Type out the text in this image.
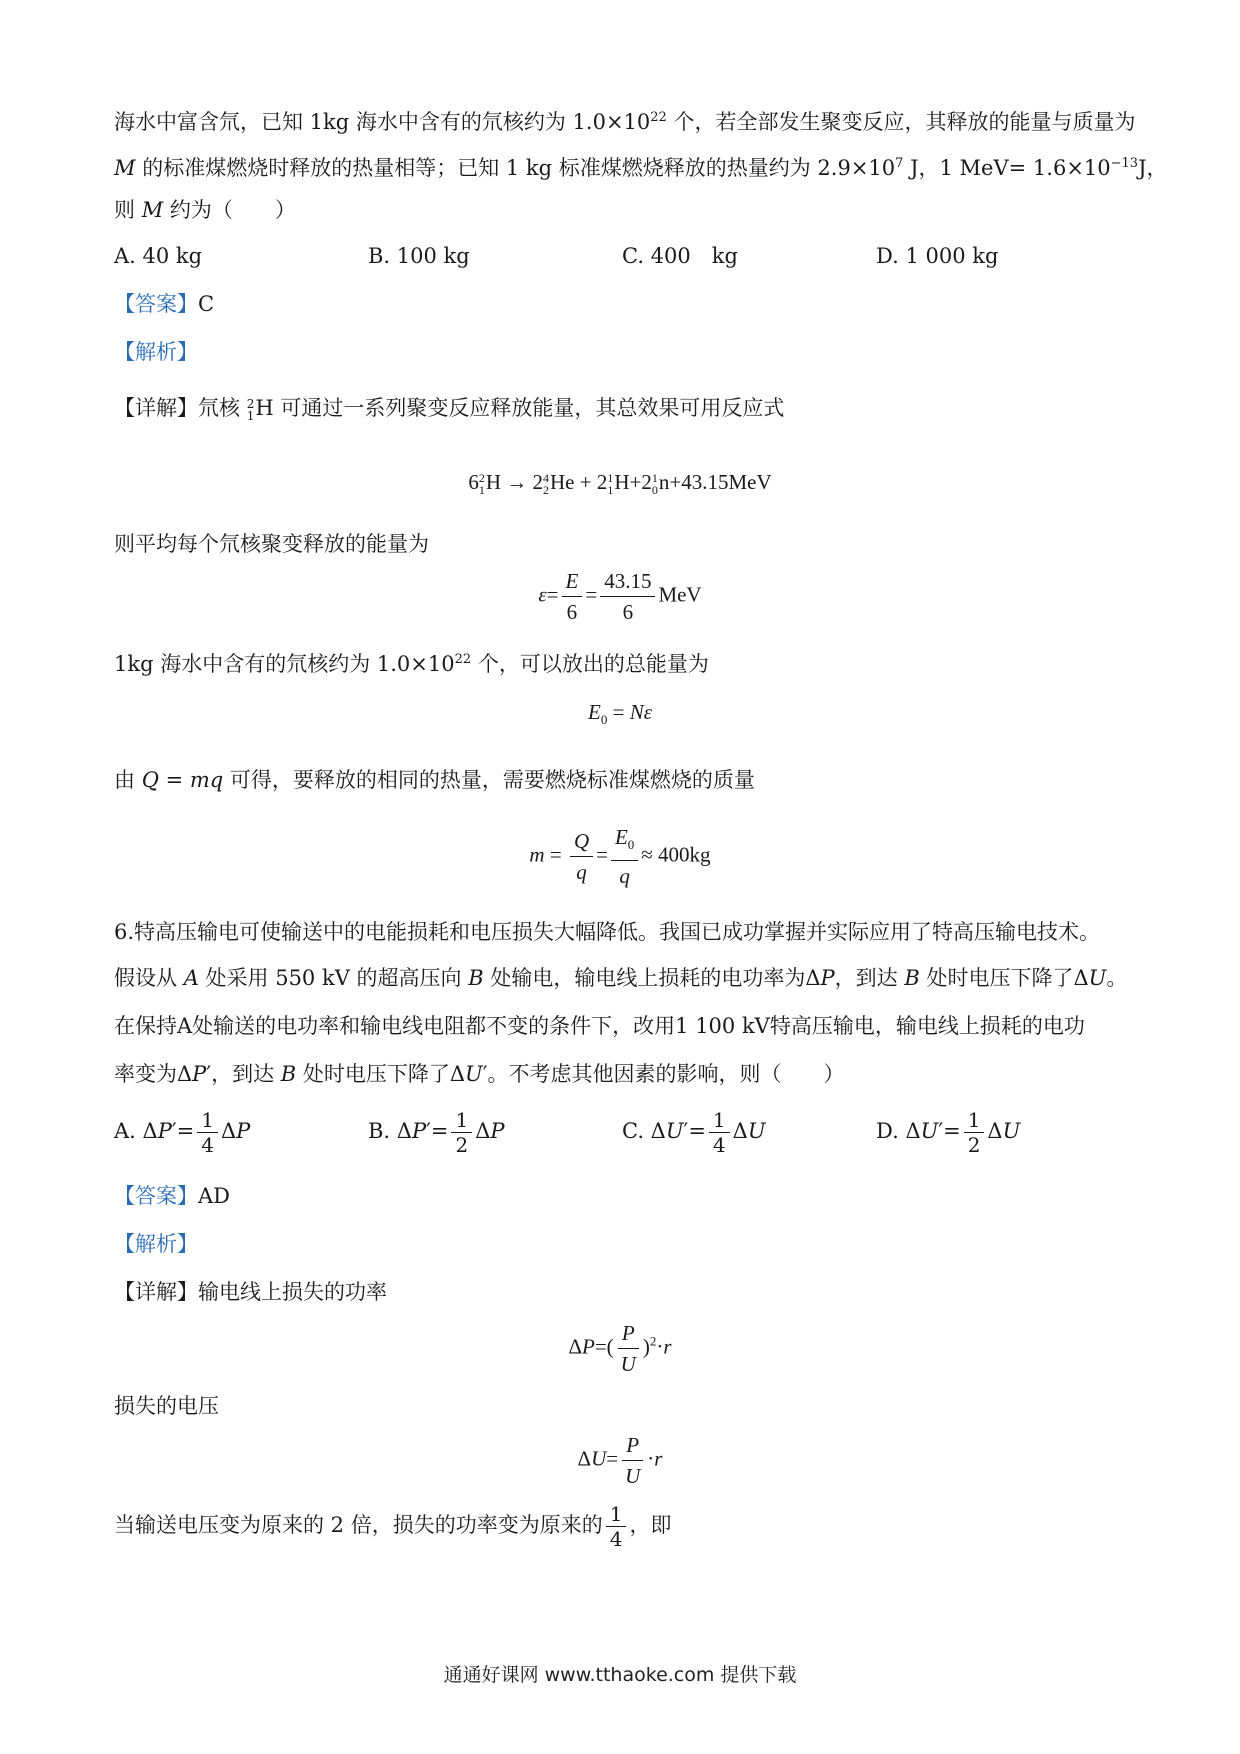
海水中富含氘，已知 1kg 海水中含有的氘核约为 $1.0\times 10^{22}$ 个，若全部发生聚变反应，其释放的能量与质量为
M 的标准煤燃烧时释放的热量相等；已知 1 kg 标准煤燃烧释放的热量约为 $2.9\times 10^7$ J，1 $MeV= 1.6\times 10^{-13}J$，
则 M 约为（　　）
A. 40 kg	B. 100 kg	C. 400　kg	D. 1 000 kg
【答案】C
【解析】
【详解】氘核 2
1 H 可通过一系列聚变反应释放能量，其总效果可用反应式
6 2
1 H → 2 4
2 He + 2 1
1 H+2 1
0 n+43.15MeV
则平均每个氘核聚变释放的能量为
$\varepsilon= \frac{E}{6} = \frac{43.15}{6}$ MeV
1kg 海水中含有的氘核约为 $1.0\times 10^{22}$ 个，可以放出的总能量为
$E_0 = N\varepsilon$
由 Q = mq 可得，要释放的相同的热量，需要燃烧标准煤燃烧的质量
$m = \frac{Q}{q} = \frac{E_0}{q} \approx 400kg$
6.特高压输电可使输送中的电能损耗和电压损失大幅降低。我国已成功掌握并实际应用了特高压输电技术。
假设从 A 处采用 550 kV 的超高压向 B 处输电，输电线上损耗的电功率为ΔP，到达 B 处时电压下降了ΔU。
在保持A处输送的电功率和输电线电阻都不变的条件下，改用1 100 kV特高压输电，输电线上损耗的电功
率变为ΔP′，到达 B 处时电压下降了ΔU′。不考虑其他因素的影响，则（　　）
A. $\Delta P'= \frac{1}{4}$ ΔP	B. $\Delta P'= \frac{1}{2}$ ΔP	C. $\Delta U'= \frac{1}{4}$ ΔU	D. $\Delta U'= \frac{1}{2}$ ΔU
【答案】AD
【解析】
【详解】输电线上损失的功率
$\Delta P=( \frac{P}{U} )^2\cdot r$
损失的电压
$\Delta U= \frac{P}{U} \cdot r$
当输送电压变为原来的 2 倍，损失的功率变为原来的 $\frac{1}{4}$ ，即
通通好课网 www.tthaoke.com 提供下载
